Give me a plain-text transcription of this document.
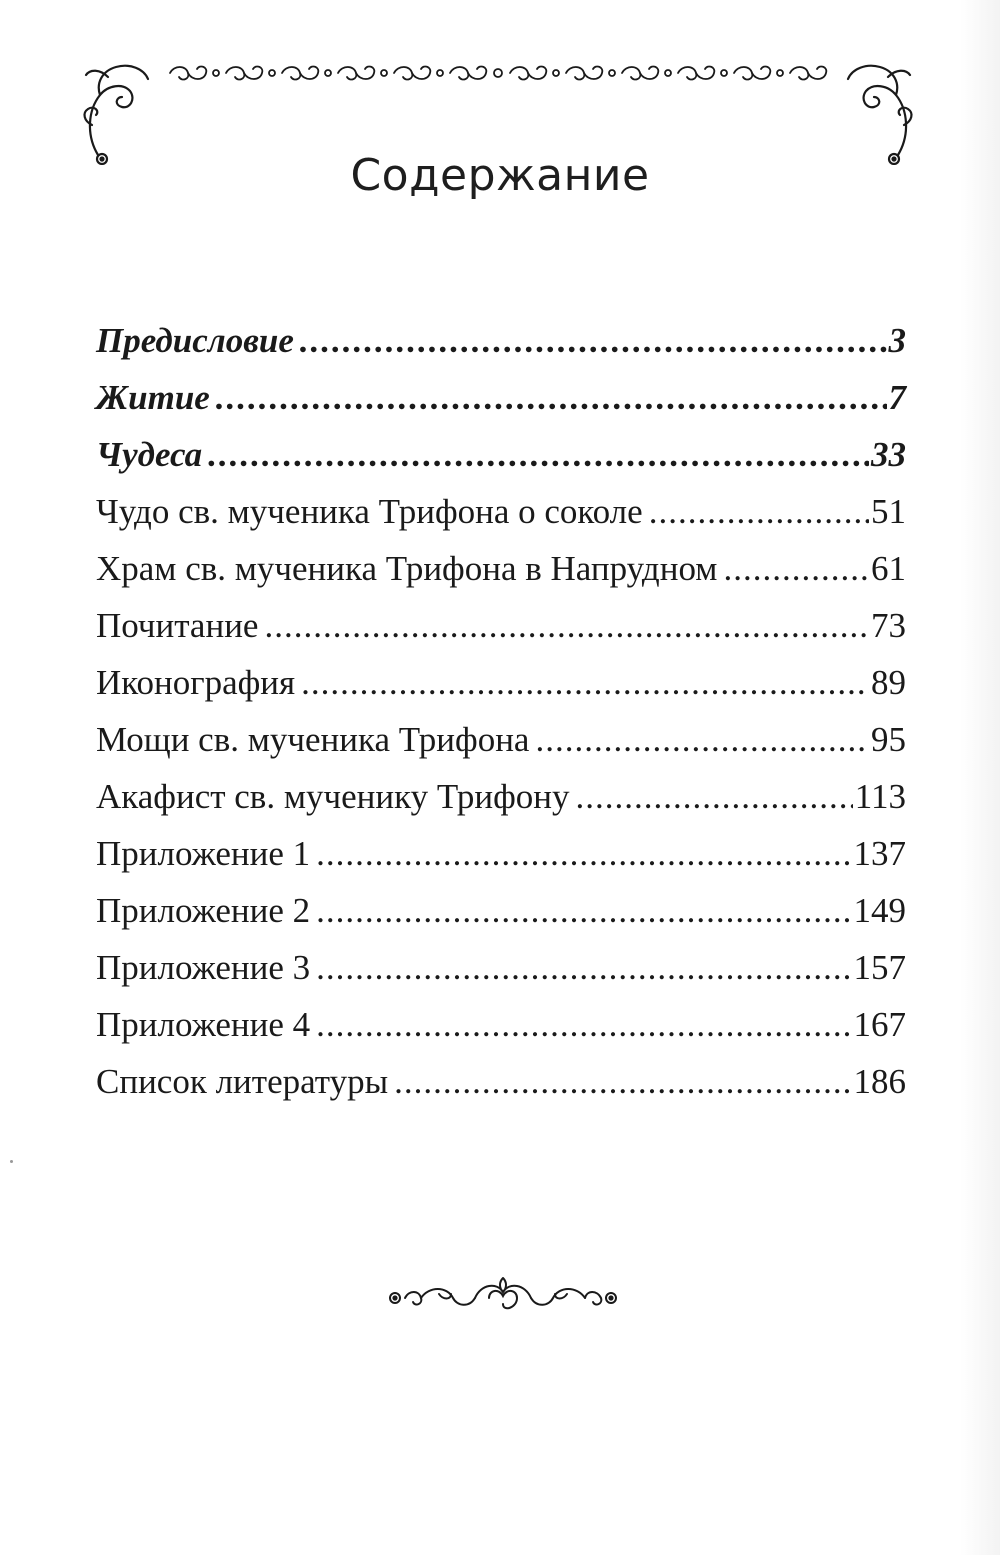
Содержание
Предисловие .....	3
Житие .....	7
Чудеса .....	33
Чудо св. мученика Трифона о соколе .....	51
Храм св. мученика Трифона в Напрудном .....	61
Почитание .....	73
Иконография .....	89
Мощи св. мученика Трифона .....	95
Акафист св. мученику Трифону .....	113
Приложение 1 .....	137
Приложение 2 .....	149
Приложение 3 .....	157
Приложение 4 .....	167
Список литературы .....	186
